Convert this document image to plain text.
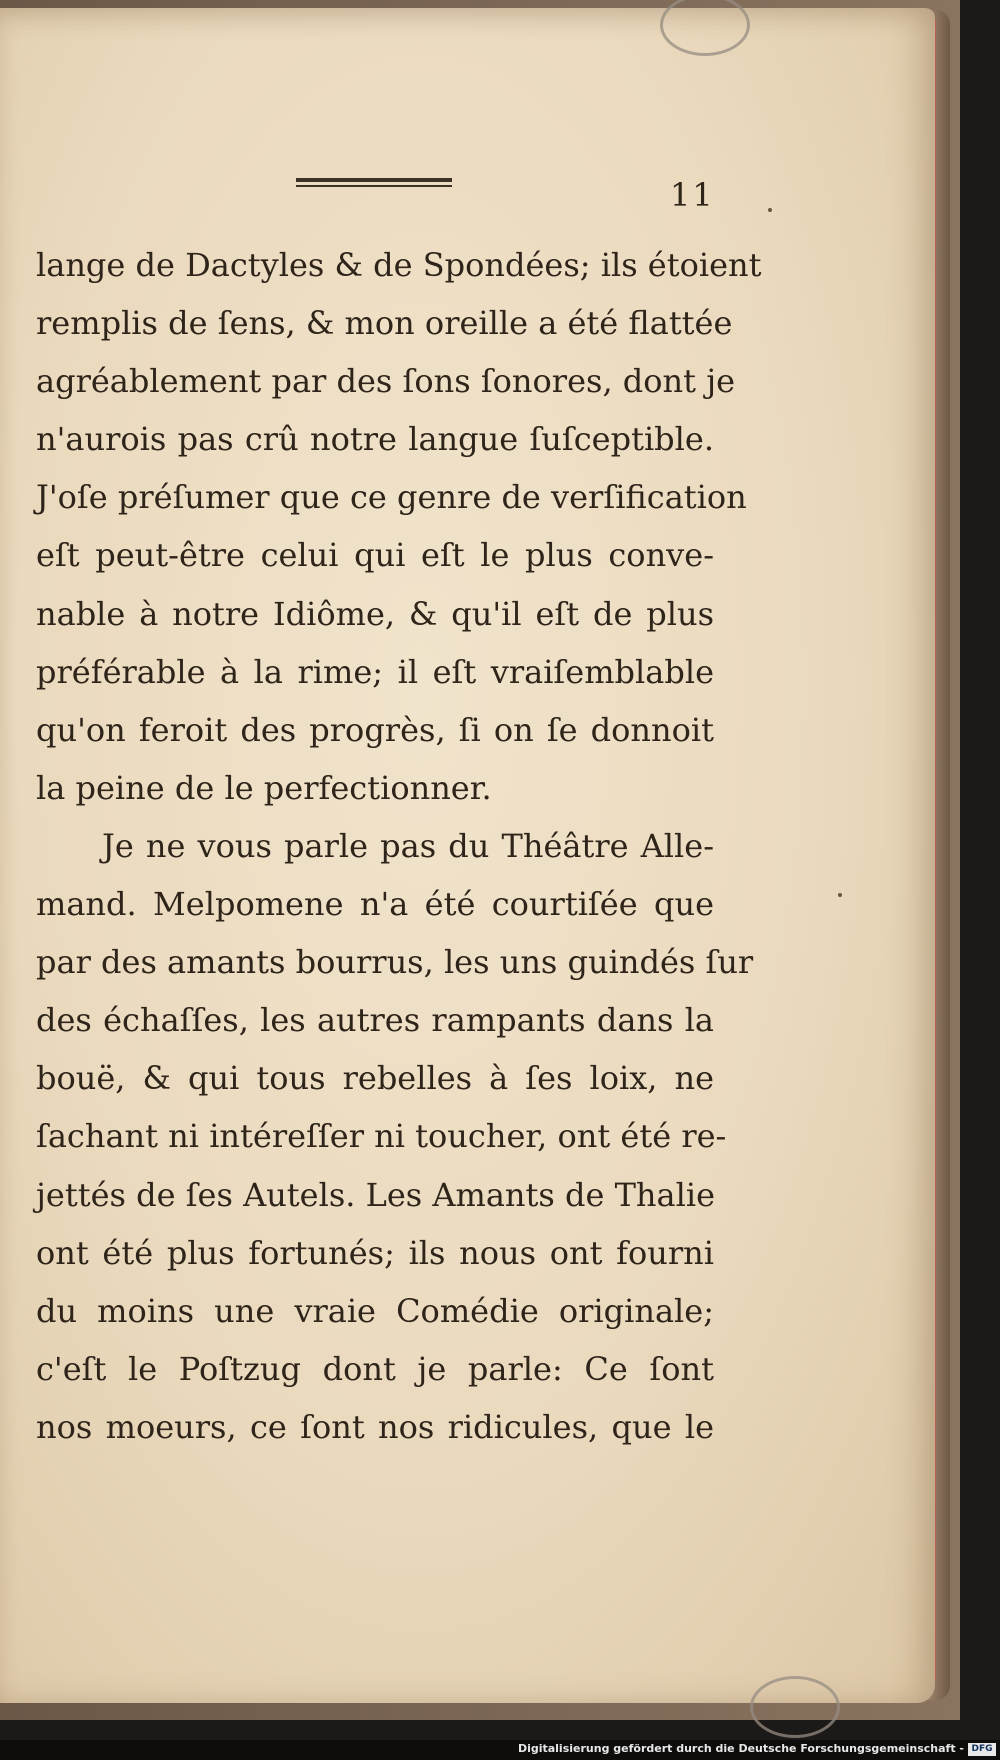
11
lange de Dactyles & de Spondées; ils étoient
remplis de ſens, & mon oreille a été flattée
agréablement par des ſons ſonores, dont je
n'aurois pas crû notre langue ſuſceptible.
J'oſe préſumer que ce genre de verſification
eſt peut-être celui qui eſt le plus conve-
nable à notre Idiôme, & qu'il eſt de plus
préférable à la rime; il eſt vraiſemblable
qu'on feroit des progrès, ſi on ſe donnoit
la peine de le perfectionner.
Je ne vous parle pas du Théâtre Alle-
mand. Melpomene n'a été courtiſée que
par des amants bourrus, les uns guindés ſur
des échaſſes, les autres rampants dans la
bouë, & qui tous rebelles à ſes loix, ne
ſachant ni intéreſſer ni toucher, ont été re-
jettés de ſes Autels. Les Amants de Thalie
ont été plus fortunés; ils nous ont fourni
du moins une vraie Comédie originale;
c'eſt le Poſtzug dont je parle: Ce ſont
nos moeurs, ce ſont nos ridicules, que le
Digitalisierung gefördert durch die Deutsche Forschungsgemeinschaft - DFG
